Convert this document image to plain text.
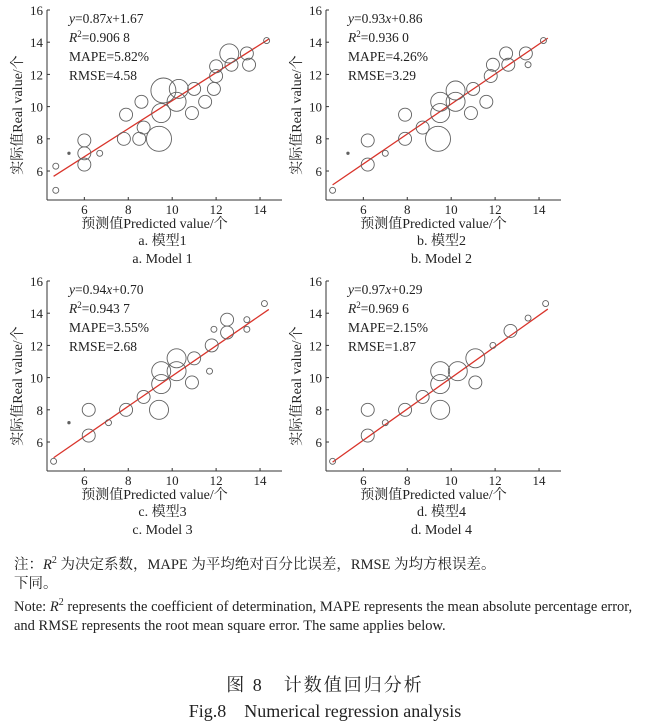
6	8	10 12 14
6
8
10
12
14
16
y=0.87x+1.67
$R^2=0.906$ 8
MAPE=5.82%
RMSE=4.58
预测值Predicted value/个
实际值Real value/个
a. 模型1
a. Model 1
6	8	10 12 14
6
8
10
12
14
16
y=0.93x+0.86
$R^2=0.936$ 0
MAPE=4.26%
RMSE=3.29
预测值Predicted value/个
实际值Real value/个
b. 模型2
b. Model 2
6	8	10 12 14
6
8
10
12
14
16
y=0.94x+0.70
$R^2=0.943$ 7
MAPE=3.55%
RMSE=2.68
预测值Predicted value/个
实际值Real value/个
c. 模型3
c. Model 3
6	8	10 12 14
6
8
10
12
14
16
y=0.97x+0.29
$R^2=0.969$ 6
MAPE=2.15%
RMSE=1.87
预测值Predicted value/个
实际值Real value/个
d. 模型4
d. Model 4
注：$R^2$ 为决定系数，MAPE 为平均绝对百分比误差，RMSE 为均方根误差。
下同。
Note: $R^2$ represents the coefficient of determination, MAPE represents the mean absolute percentage error, and RMSE represents the root mean square error. The same applies below.
图 8　计数值回归分析
Fig.8　Numerical regression analysis
